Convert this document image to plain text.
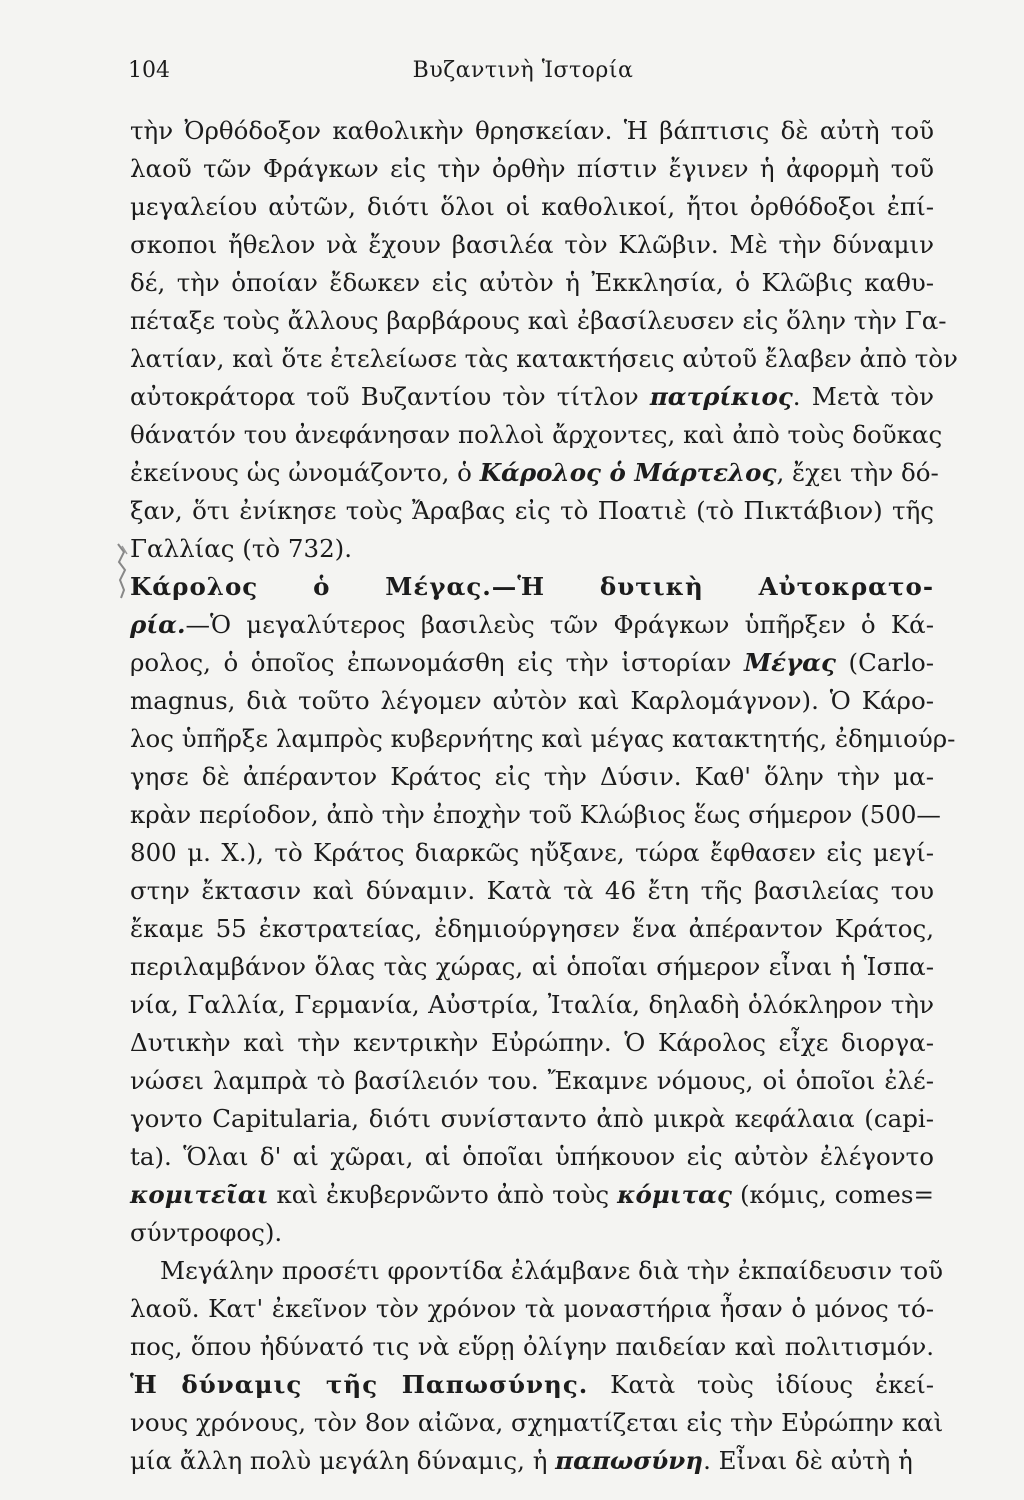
104	Βυζαντινὴ Ἱστορία
τὴν Ὀρθόδοξον καθολικὴν θρησκείαν. Ἡ βάπτισις δὲ αὐτὴ τοῦ
λαοῦ τῶν Φράγκων εἰς τὴν ὀρθὴν πίστιν ἔγινεν ἡ ἀφορμὴ τοῦ
μεγαλείου αὐτῶν, διότι ὅλοι οἱ καθολικοί, ἤτοι ὀρθόδοξοι ἐπί-
σκοποι ἤθελον νὰ ἔχουν βασιλέα τὸν Κλῶβιν. Μὲ τὴν δύναμιν
δέ, τὴν ὁποίαν ἔδωκεν εἰς αὐτὸν ἡ Ἐκκλησία, ὁ Κλῶβις καθυ-
πέταξε τοὺς ἄλλους βαρβάρους καὶ ἐβασίλευσεν εἰς ὅλην τὴν Γα-
λατίαν, καὶ ὅτε ἐτελείωσε τὰς κατακτήσεις αὐτοῦ ἔλαβεν ἀπὸ τὸν
αὐτοκράτορα τοῦ Βυζαντίου τὸν τίτλον πατρίκιος. Μετὰ τὸν
θάνατόν του ἀνεφάνησαν πολλοὶ ἄρχοντες, καὶ ἀπὸ τοὺς δοῦκας
ἐκείνους ὡς ὠνομάζοντο, ὁ Κάρολος ὁ Μάρτελος, ἔχει τὴν δό-
ξαν, ὅτι ἐνίκησε τοὺς Ἄραβας εἰς τὸ Ποατιὲ (τὸ Πικτάβιον) τῆς
Γαλλίας (τὸ 732).
Κάρολος ὁ Μέγας.—Ἡ δυτικὴ Αὐτοκρατο-
ρία.—Ὁ μεγαλύτερος βασιλεὺς τῶν Φράγκων ὑπῆρξεν ὁ Κά-
ρολος, ὁ ὁποῖος ἐπωνομάσθη εἰς τὴν ἱστορίαν Μέγας (Carlo-
magnus, διὰ τοῦτο λέγομεν αὐτὸν καὶ Καρλομάγνον). Ὁ Κάρο-
λος ὑπῆρξε λαμπρὸς κυβερνήτης καὶ μέγας κατακτητής, ἐδημιούρ-
γησε δὲ ἀπέραντον Κράτος εἰς τὴν Δύσιν. Καθ' ὅλην τὴν μα-
κρὰν περίοδον, ἀπὸ τὴν ἐποχὴν τοῦ Κλώβιος ἕως σήμερον (500—
800 μ. Χ.), τὸ Κράτος διαρκῶς ηὔξανε, τώρα ἔφθασεν εἰς μεγί-
στην ἔκτασιν καὶ δύναμιν. Κατὰ τὰ 46 ἔτη τῆς βασιλείας του
ἔκαμε 55 ἐκστρατείας, ἐδημιούργησεν ἕνα ἀπέραντον Κράτος,
περιλαμβάνον ὅλας τὰς χώρας, αἱ ὁποῖαι σήμερον εἶναι ἡ Ἱσπα-
νία, Γαλλία, Γερμανία, Αὐστρία, Ἰταλία, δηλαδὴ ὁλόκληρον τὴν
Δυτικὴν καὶ τὴν κεντρικὴν Εὐρώπην. Ὁ Κάρολος εἶχε διοργα-
νώσει λαμπρὰ τὸ βασίλειόν του. Ἔκαμνε νόμους, οἱ ὁποῖοι ἐλέ-
γοντο Capitularia, διότι συνίσταντο ἀπὸ μικρὰ κεφάλαια (capi-
ta). Ὅλαι δ' αἱ χῶραι, αἱ ὁποῖαι ὑπήκουον εἰς αὐτὸν ἐλέγοντο
κομιτεῖαι καὶ ἐκυβερνῶντο ἀπὸ τοὺς κόμιτας (κόμις, comes=
σύντροφος).
Μεγάλην προσέτι φροντίδα ἐλάμβανε διὰ τὴν ἐκπαίδευσιν τοῦ
λαοῦ. Κατ' ἐκεῖνον τὸν χρόνον τὰ μοναστήρια ἦσαν ὁ μόνος τό-
πος, ὅπου ἠδύνατό τις νὰ εὕρῃ ὀλίγην παιδείαν καὶ πολιτισμόν.
Ἡ δύναμις τῆς Παπωσύνης. Κατὰ τοὺς ἰδίους ἐκεί-
νους χρόνους, τὸν 8ον αἰῶνα, σχηματίζεται εἰς τὴν Εὐρώπην καὶ
μία ἄλλη πολὺ μεγάλη δύναμις, ἡ παπωσύνη. Εἶναι δὲ αὐτὴ ἡ
